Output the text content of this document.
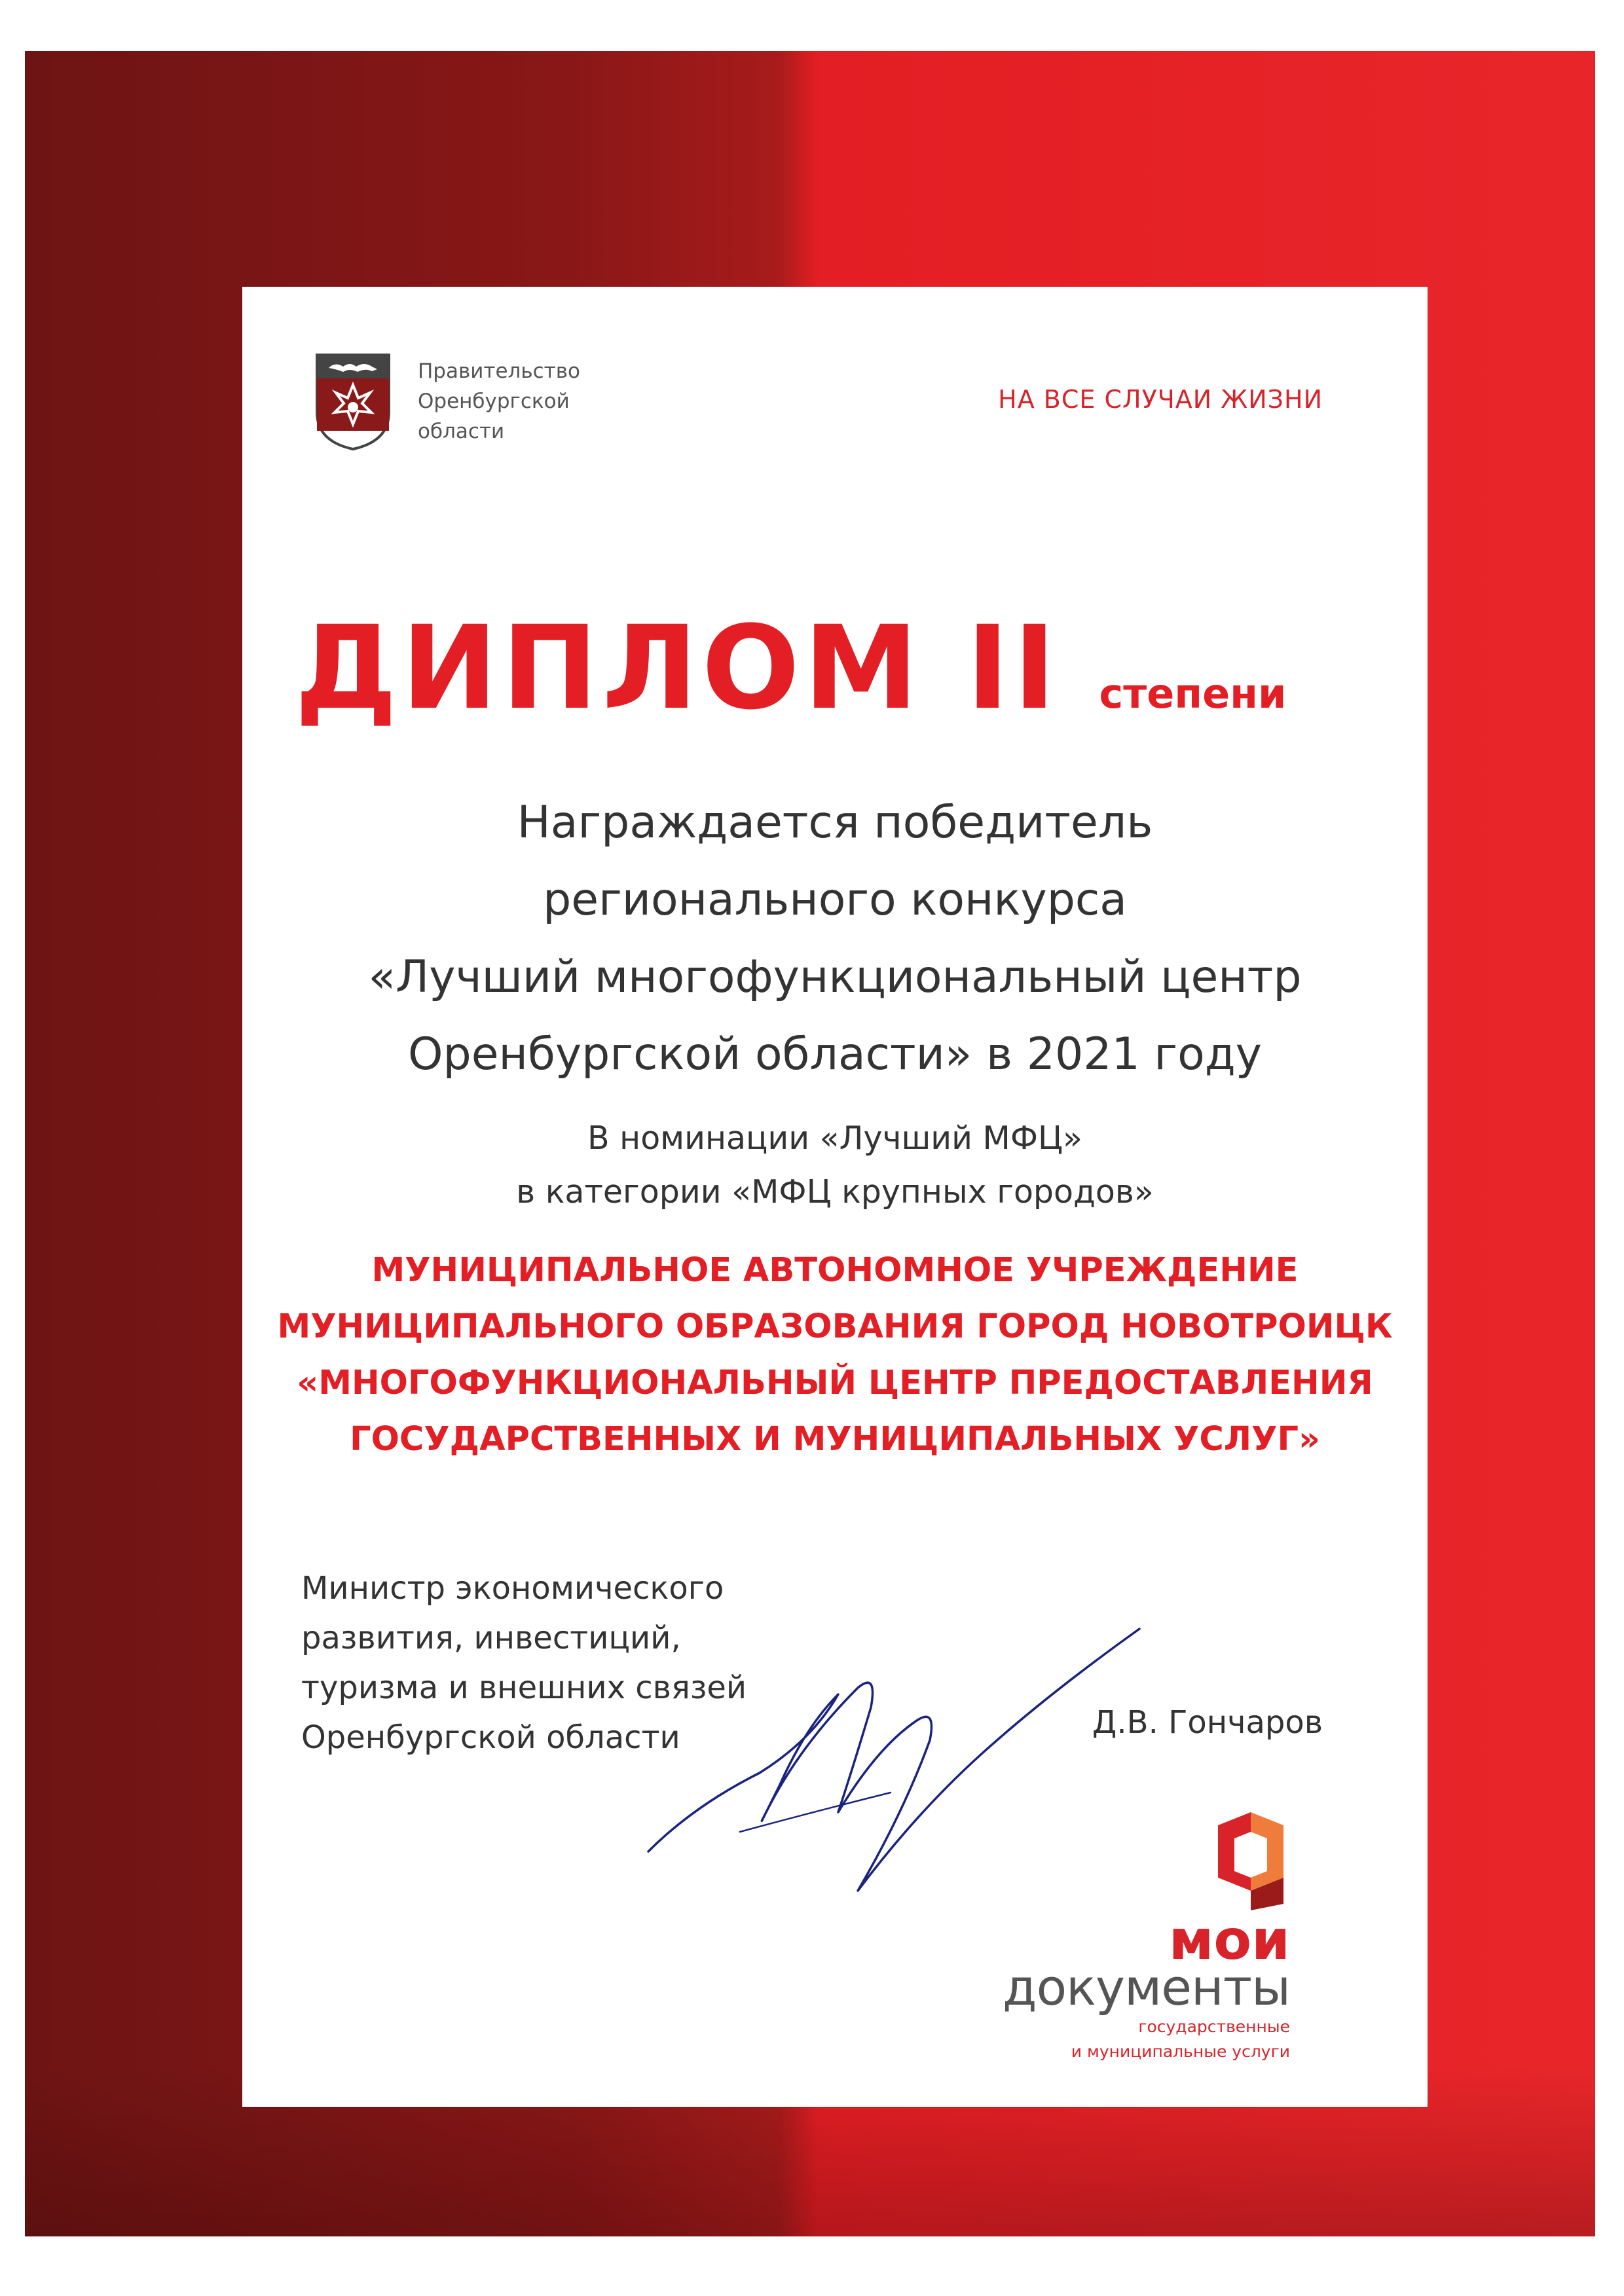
Правительство
Оренбургской
области
НА ВСЕ СЛУЧАИ ЖИЗНИ
ДИПЛОМ II степени
Награждается победитель
регионального конкурса
«Лучший многофункциональный центр
Оренбургской области» в 2021 году
В номинации «Лучший МФЦ»
в категории «МФЦ крупных городов»
МУНИЦИПАЛЬНОЕ АВТОНОМНОЕ УЧРЕЖДЕНИЕ
МУНИЦИПАЛЬНОГО ОБРАЗОВАНИЯ ГОРОД НОВОТРОИЦК
«МНОГОФУНКЦИОНАЛЬНЫЙ ЦЕНТР ПРЕДОСТАВЛЕНИЯ
ГОСУДАРСТВЕННЫХ И МУНИЦИПАЛЬНЫХ УСЛУГ»
Министр экономического
развития, инвестиций,
туризма и внешних связей
Оренбургской области	Д.В. Гончаров
мои
документы
государственные
и муниципальные услуги
